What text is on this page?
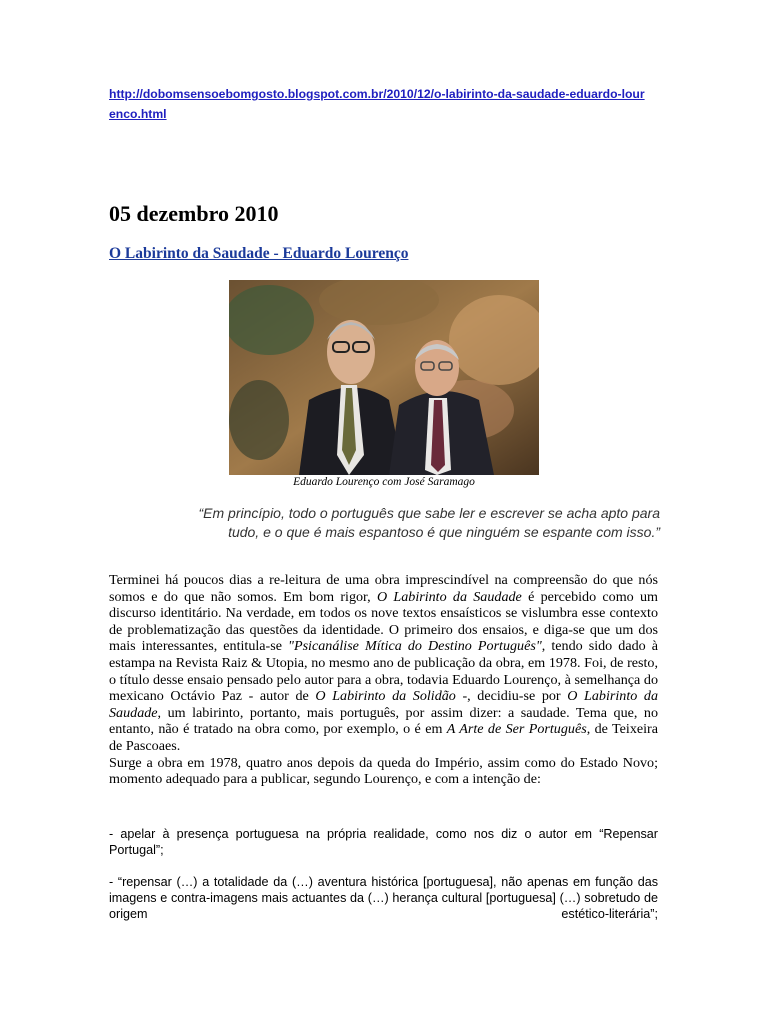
http://dobomsensoebomgosto.blogspot.com.br/2010/12/o-labirinto-da-saudade-eduardo-lourenco.html
05 dezembro 2010
O Labirinto da Saudade - Eduardo Lourenço
Eduardo Lourenço com José Saramago
“Em princípio, todo o português que sabe ler e escrever se acha apto para
tudo, e o que é mais espantoso é que ninguém se espante com isso.”

Terminei há poucos dias a re-leitura de uma obra imprescindível na compreensão do que nós somos e do que não somos. Em bom rigor, O Labirinto da Saudade é percebido como um discurso identitário. Na verdade, em todos os nove textos ensaísticos se vislumbra esse contexto de problematização das questões da identidade. O primeiro dos ensaios, e diga-se que um dos mais interessantes, entitula-se "Psicanálise Mítica do Destino Português", tendo sido dado à estampa na Revista Raiz & Utopia, no mesmo ano de publicação da obra, em 1978. Foi, de resto, o título desse ensaio pensado pelo autor para a obra, todavia Eduardo Lourenço, à semelhança do mexicano Octávio Paz - autor de O Labirinto da Solidão -, decidiu-se por O Labirinto da Saudade, um labirinto, portanto, mais português, por assim dizer: a saudade. Tema que, no entanto, não é tratado na obra como, por exemplo, o é em A Arte de Ser Português, de Teixeira de Pascoaes.

Surge a obra em 1978, quatro anos depois da queda do Império, assim como do Estado Novo; momento adequado para a publicar, segundo Lourenço, e com a intenção de:

- apelar à presença portuguesa na própria realidade, como nos diz o autor em “Repensar Portugal”;

- “repensar (…) a totalidade da (…) aventura histórica [portuguesa], não apenas em função das imagens e contra-imagens mais actuantes da (…) herança cultural [portuguesa] (…) sobretudo de origem estético-literária”;
